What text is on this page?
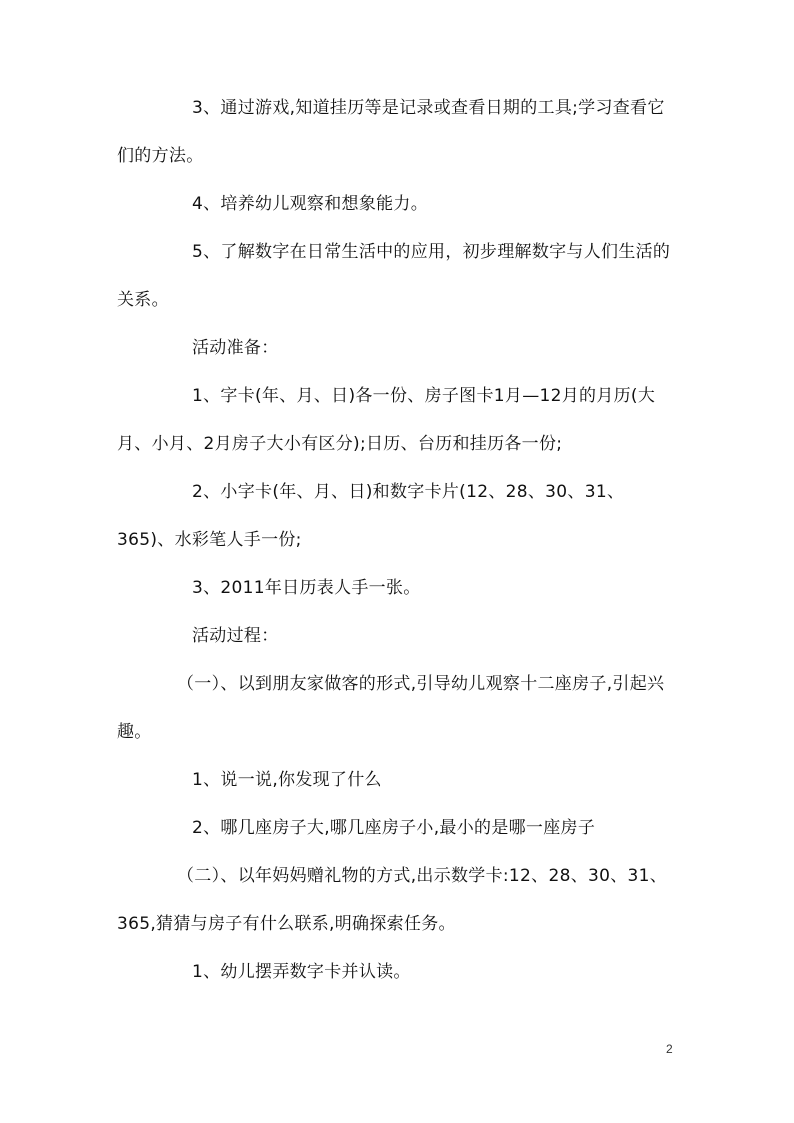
3、通过游戏,知道挂历等是记录或查看日期的工具;学习查看它们的方法。

4、培养幼儿观察和想象能力。

5、了解数字在日常生活中的应用，初步理解数字与人们生活的关系。

活动准备：

1、字卡(年、月、日)各一份、房子图卡1月—12月的月历(大月、小月、2月房子大小有区分);日历、台历和挂历各一份;

2、小字卡(年、月、日)和数字卡片(12、28、30、31、365)、水彩笔人手一份;

3、2011年日历表人手一张。

活动过程：

（一）、以到朋友家做客的形式,引导幼儿观察十二座房子,引起兴趣。

1、说一说,你发现了什么

2、哪几座房子大,哪几座房子小,最小的是哪一座房子

（二）、以年妈妈赠礼物的方式,出示数学卡:12、28、30、31、365,猜猜与房子有什么联系,明确探索任务。

1、幼儿摆弄数字卡并认读。

2
